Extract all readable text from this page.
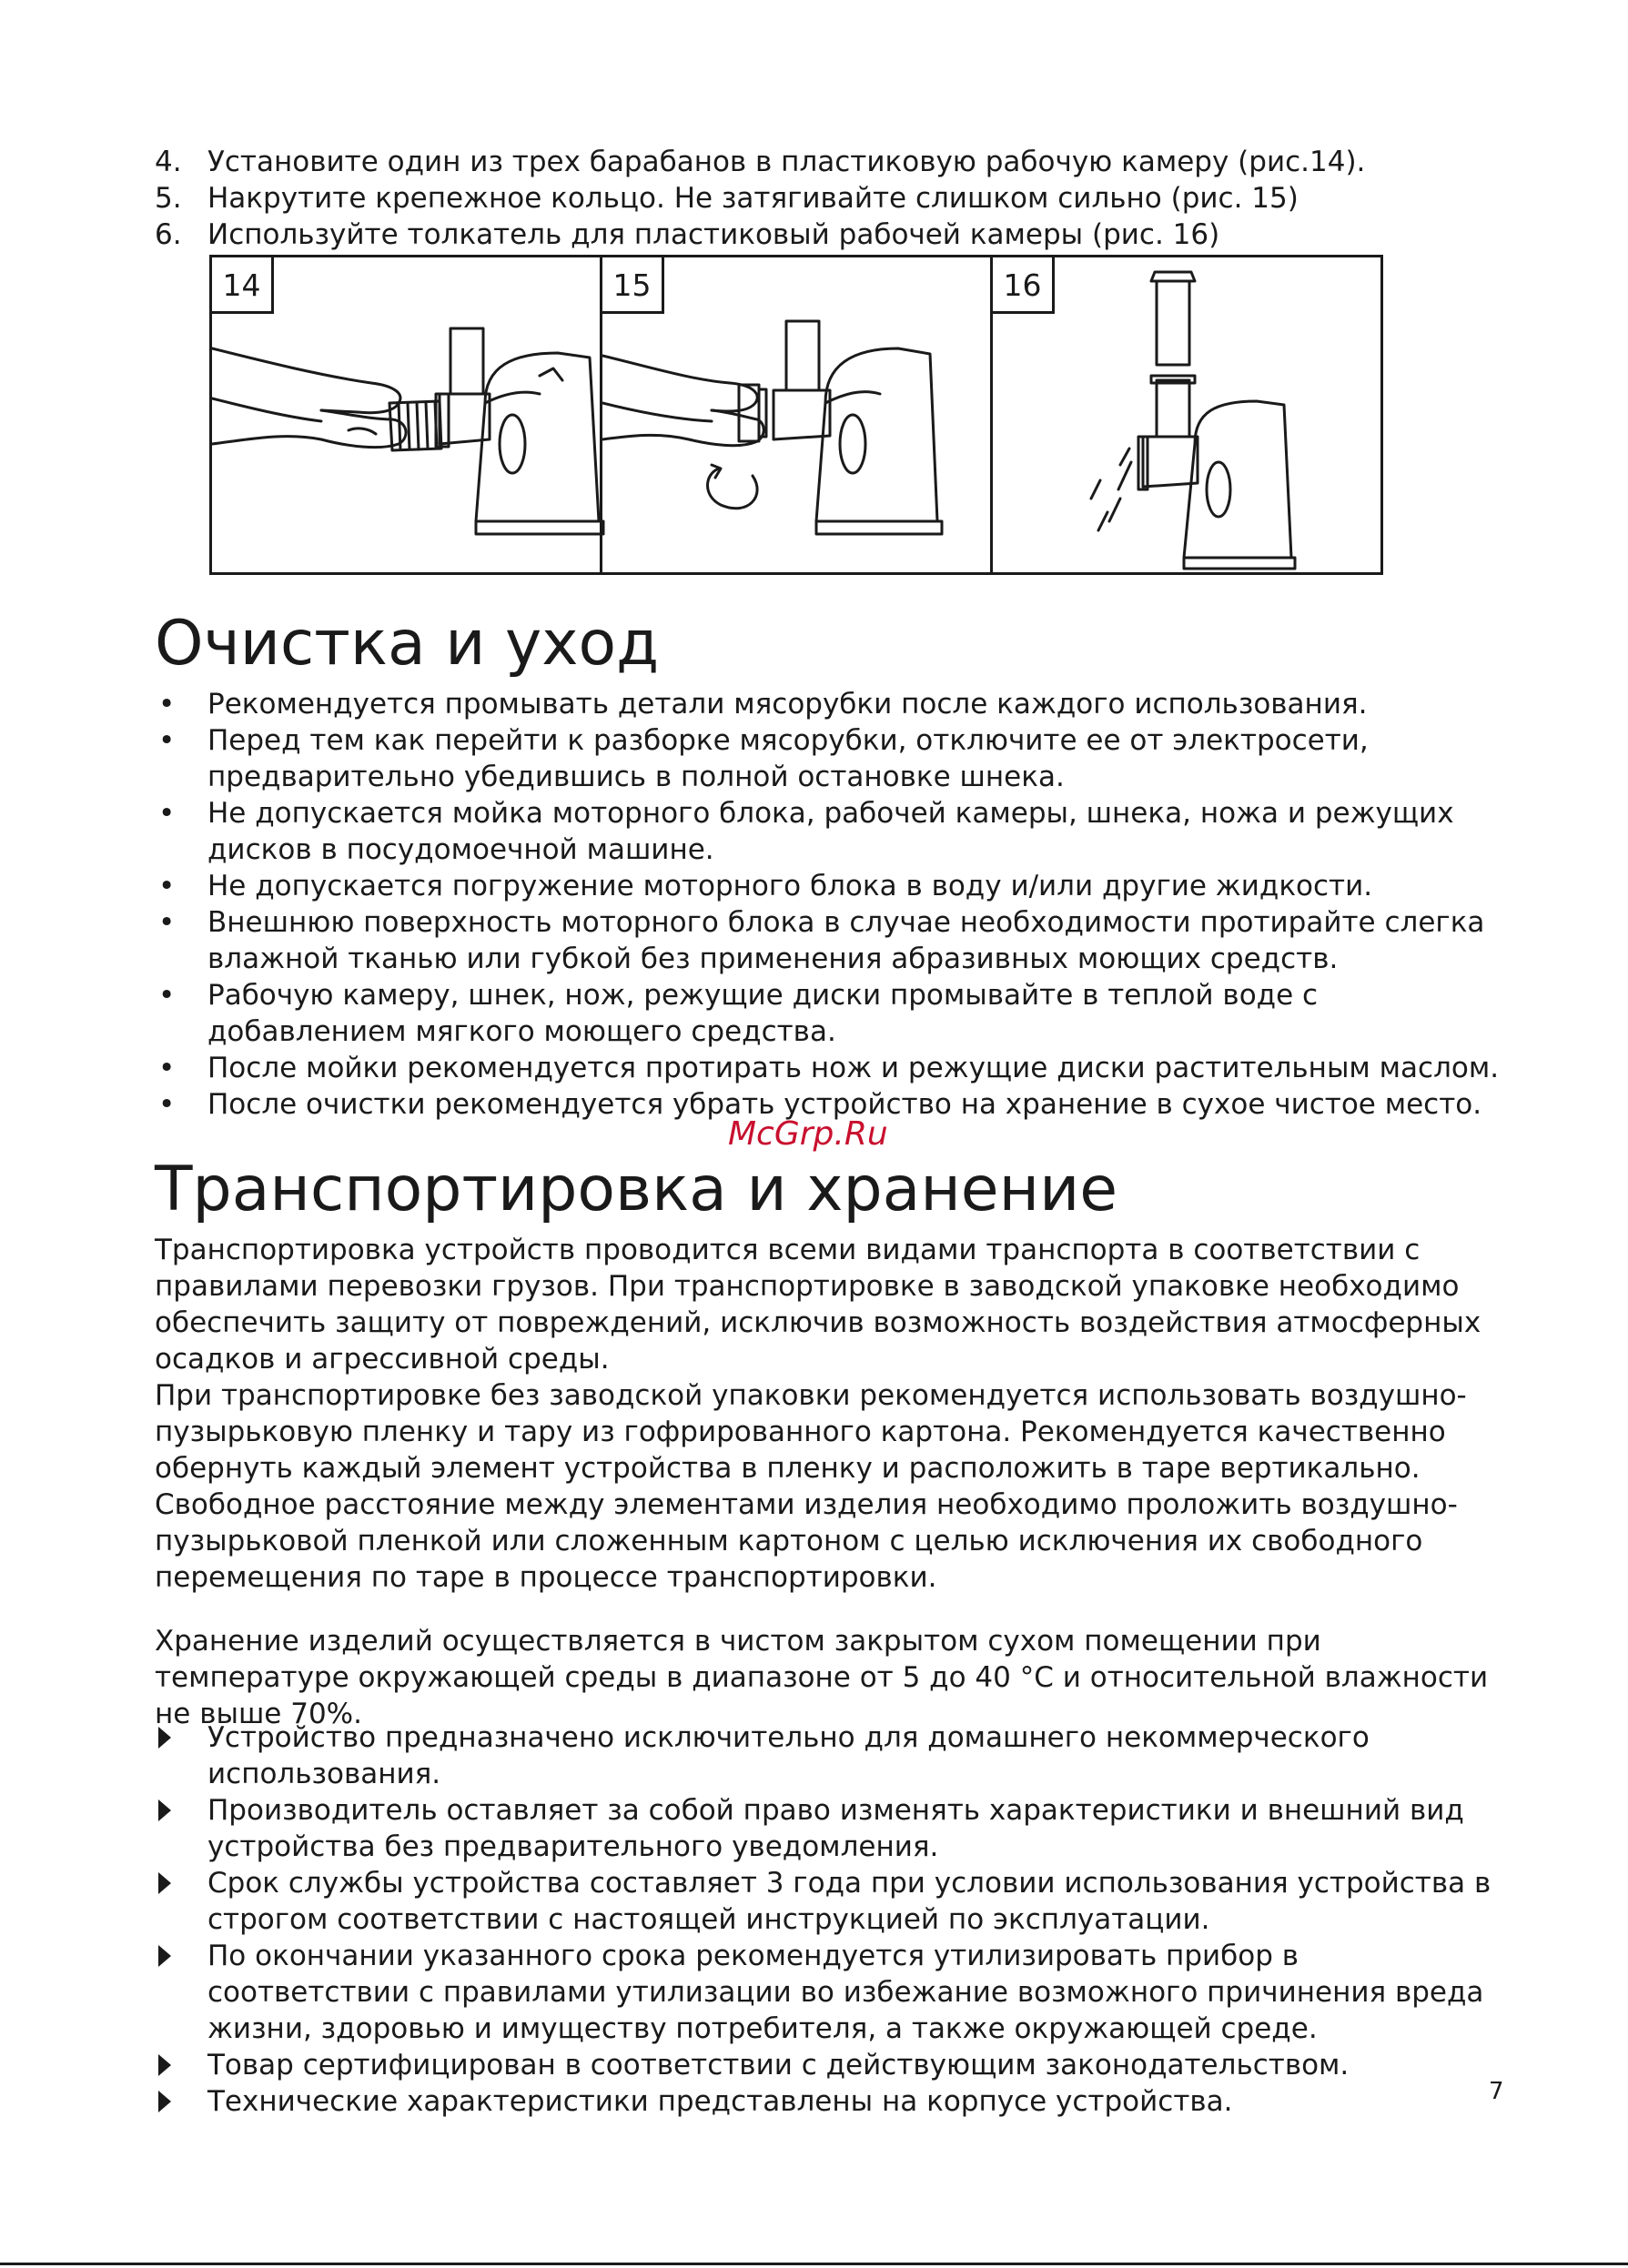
4. Установите один из трех барабанов в пластиковую рабочую камеру (рис.14).
5. Накрутите крепежное кольцо. Не затягивайте слишком сильно (рис. 15)
6. Используйте толкатель для пластиковый рабочей камеры (рис. 16)
14	15	16
Очистка и уход
• Рекомендуется промывать детали мясорубки после каждого использования.
• Перед тем как перейти к разборке мясорубки, отключите ее от электросети, предварительно убедившись в полной остановке шнека.
• Не допускается мойка моторного блока, рабочей камеры, шнека, ножа и режущих дисков в посудомоечной машине.
• Не допускается погружение моторного блока в воду и/или другие жидкости.
• Внешнюю поверхность моторного блока в случае необходимости протирайте слегка влажной тканью или губкой без применения абразивных моющих средств.
• Рабочую камеру, шнек, нож, режущие диски промывайте в теплой воде с добавлением мягкого моющего средства.
• После мойки рекомендуется протирать нож и режущие диски растительным маслом.
• После очистки рекомендуется убрать устройство на хранение в сухое чистое место.
McGrp.Ru
Транспортировка и хранение

Транспортировка устройств проводится всеми видами транспорта в соответствии с правилами перевозки грузов. При транспортировке в заводской упаковке необходимо обеспечить защиту от повреждений, исключив возможность воздействия атмосферных осадков и агрессивной среды.

При транспортировке без заводской упаковки рекомендуется использовать воздушно-пузырьковую пленку и тару из гофрированного картона. Рекомендуется качественно обернуть каждый элемент устройства в пленку и расположить в таре вертикально. Свободное расстояние между элементами изделия необходимо проложить воздушно-пузырьковой пленкой или сложенным картоном с целью исключения их свободного перемещения по таре в процессе транспортировки.

Хранение изделий осуществляется в чистом закрытом сухом помещении при температуре окружающей среды в диапазоне от 5 до 40 °С и относительной влажности не выше 70%.

Устройство предназначено исключительно для домашнего некоммерческого использования.
Производитель оставляет за собой право изменять характеристики и внешний вид устройства без предварительного уведомления.
Срок службы устройства составляет 3 года при условии использования устройства в строгом соответствии с настоящей инструкцией по эксплуатации.
По окончании указанного срока рекомендуется утилизировать прибор в соответствии с правилами утилизации во избежание возможного причинения вреда жизни, здоровью и имуществу потребителя, а также окружающей среде.
Товар сертифицирован в соответствии с действующим законодательством.
Технические характеристики представлены на корпусе устройства.	7
